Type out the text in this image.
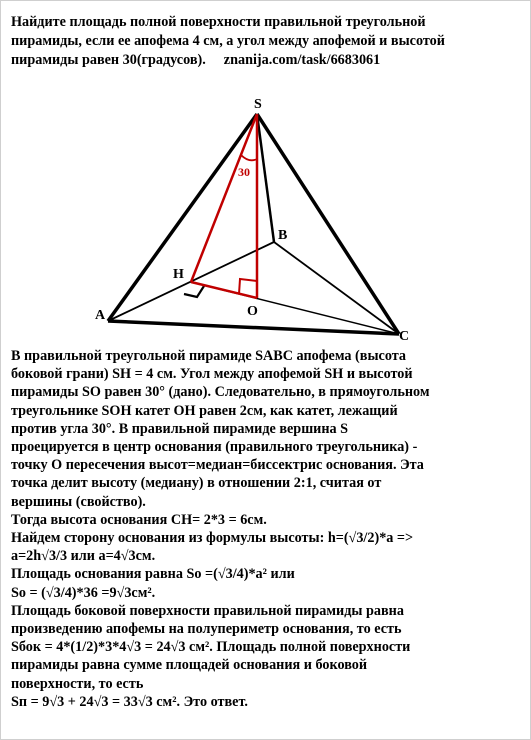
Найдите площадь полной поверхности правильной треугольной
пирамиды, если ее апофема 4 см, а угол между апофемой и высотой
пирамиды равен 30(градусов). znanija.com/task/6683061
S
B
H
A	O
C
30

В правильной треугольной пирамиде SABC апофема (высота

боковой грани) SH = 4 см. Угол между апофемой SH и высотой

пирамиды SO равен 30° (дано). Следовательно, в прямоугольном

треугольнике SOH катет OH равен 2см, как катет, лежащий

против угла 30°. В правильной пирамиде вершина S

проецируется в центр основания (правильного треугольника) -

точку O пересечения высот=медиан=биссектрис основания. Эта

точка делит высоту (медиану) в отношении 2:1, считая от

вершины (свойство).

Тогда высота основания CH= 2*3 = 6см.

Найдем сторону основания из формулы высоты: h=(√3/2)*a =>

a=2h√3/3 или a=4√3см.

Площадь основания равна So =(√3/4)*a² или

So = (√3/4)*36 =9√3см².

Площадь боковой поверхности правильной пирамиды равна

произведению апофемы на полупериметр основания, то есть

Sбок = 4*(1/2)*3*4√3 = 24√3 см². Площадь полной поверхности

пирамиды равна сумме площадей основания и боковой

поверхности, то есть

Sп = 9√3 + 24√3 = 33√3 см². Это ответ.
